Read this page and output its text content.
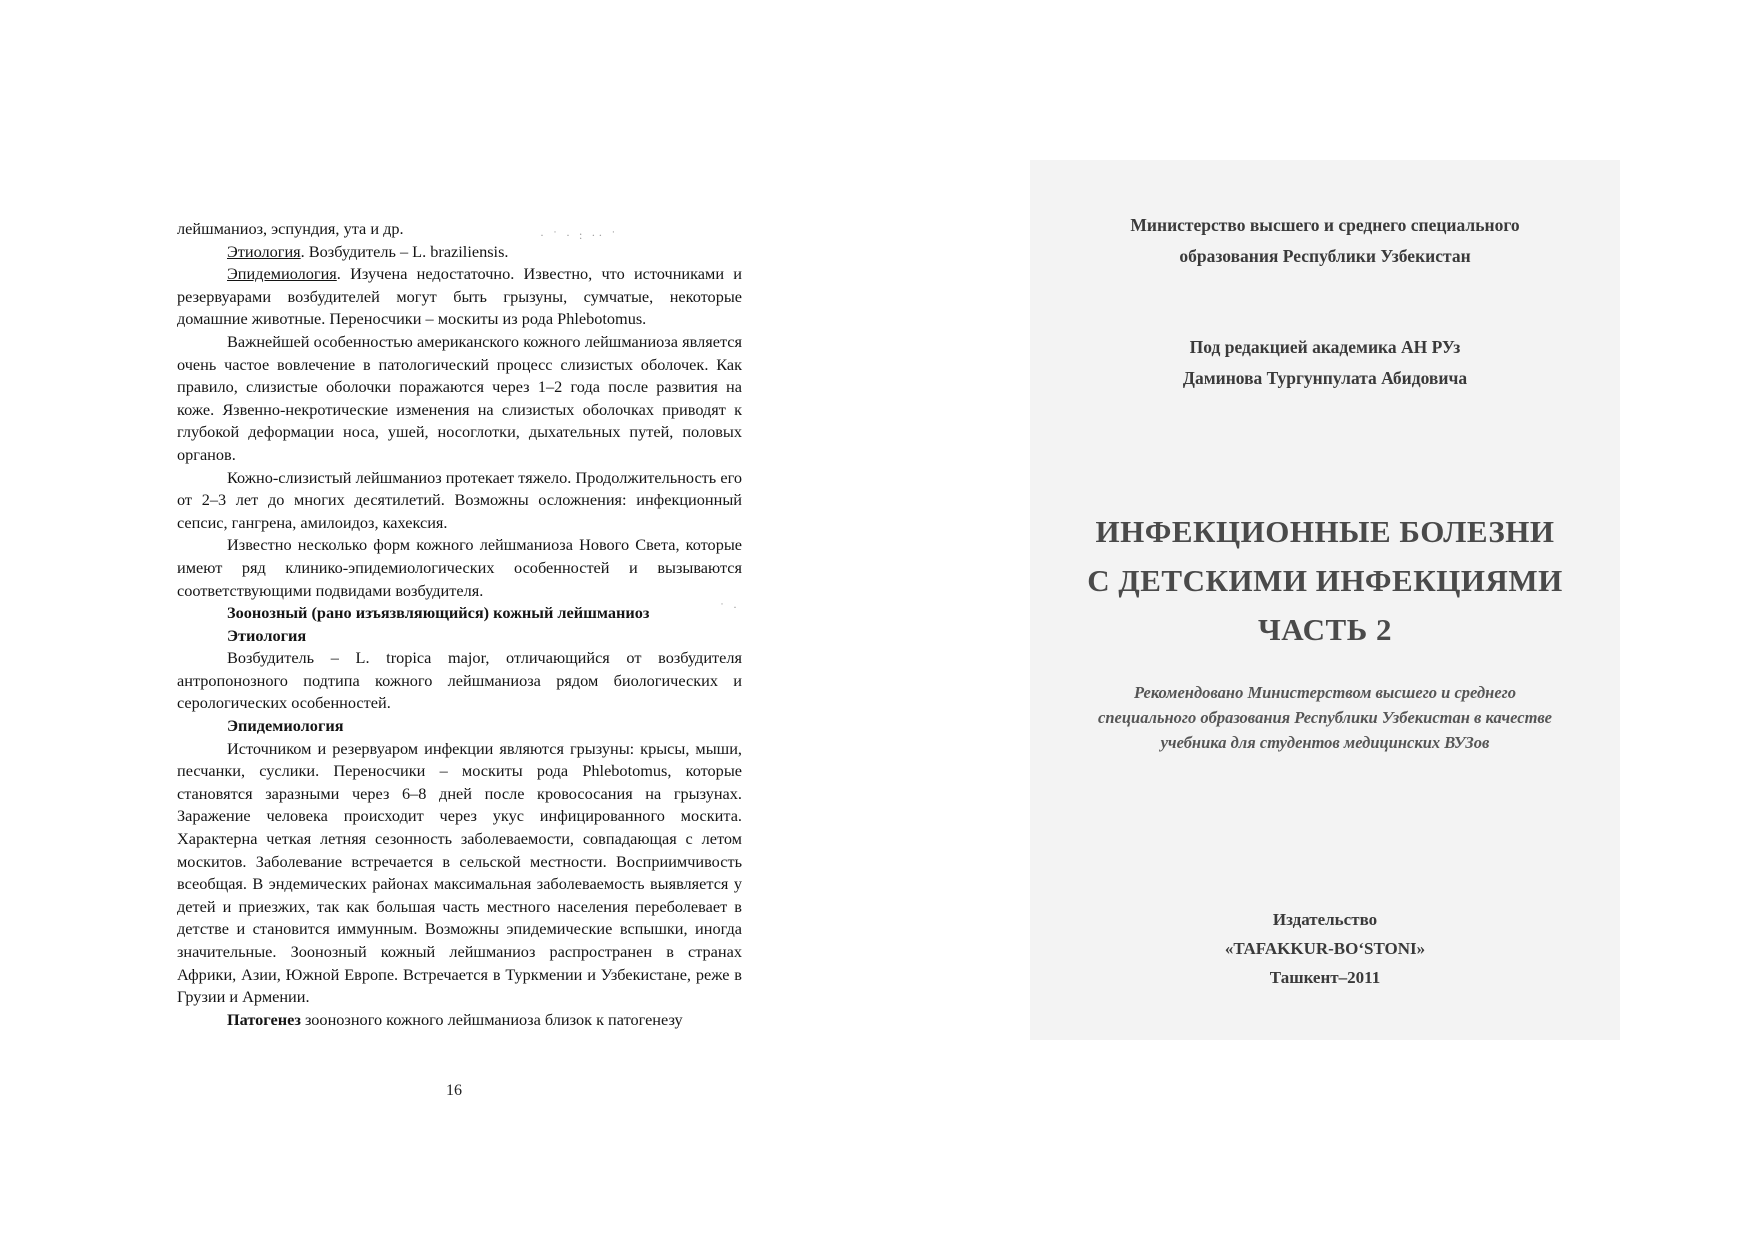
лейшманиоз, эспундия, ута и др.

Этиология. Возбудитель – L. braziliensis.

Эпидемиология. Изучена недостаточно. Известно, что источниками и резервуарами возбудителей могут быть грызуны, сумчатые, некоторые домашние животные. Переносчики – москиты из рода Phlebotomus.

Важнейшей особенностью американского кожного лейшманиоза является очень частое вовлечение в патологический процесс слизистых оболочек. Как правило, слизистые оболочки поражаются через 1–2 года после развития на коже. Язвенно-некротические изменения на слизистых оболочках приводят к глубокой деформации носа, ушей, носоглотки, дыхательных путей, половых органов.

Кожно-слизистый лейшманиоз протекает тяжело. Продолжительность его от 2–3 лет до многих десятилетий. Возможны осложнения: инфекционный сепсис, гангрена, амилоидоз, кахексия.

Известно несколько форм кожного лейшманиоза Нового Света, которые имеют ряд клинико-эпидемиологических особенностей и вызываются соответствующими подвидами возбудителя.

Зоонозный (рано изъязвляющийся) кожный лейшманиоз

Этиология

Возбудитель – L. tropica major, отличающийся от возбудителя антропонозного подтипа кожного лейшманиоза рядом биологических и серологических особенностей.

Эпидемиология

Источником и резервуаром инфекции являются грызуны: крысы, мыши, песчанки, суслики. Переносчики – москиты рода Phlebotomus, которые становятся заразными через 6–8 дней после кровососания на грызунах. Заражение человека происходит через укус инфицированного москита. Характерна четкая летняя сезонность заболеваемости, совпадающая с летом москитов. Заболевание встречается в сельской местности. Восприимчивость всеобщая. В эндемических районах максимальная заболеваемость выявляется у детей и приезжих, так как большая часть местного населения переболевает в детстве и становится иммунным. Возможны эпидемические вспышки, иногда значительные. Зоонозный кожный лейшманиоз распространен в странах Африки, Азии, Южной Европе. Встречается в Туркмении и Узбекистане, реже в Грузии и Армении.

Патогенез зоонозного кожного лейшманиоза близок к патогенезу

16
· ˙ · : ·· ˙
˙ ·
Министерство высшего и среднего специального
образования Республики Узбекистан
Под редакцией академика АН РУз
Даминова Тургунпулата Абидовича
ИНФЕКЦИОННЫЕ БОЛЕЗНИ
С ДЕТСКИМИ ИНФЕКЦИЯМИ
ЧАСТЬ 2
Рекомендовано Министерством высшего и среднего
специального образования Республики Узбекистан в качестве
учебника для студентов медицинских ВУЗов
Издательство
«TAFAKKUR-BO‘STONI»
Ташкент–2011
